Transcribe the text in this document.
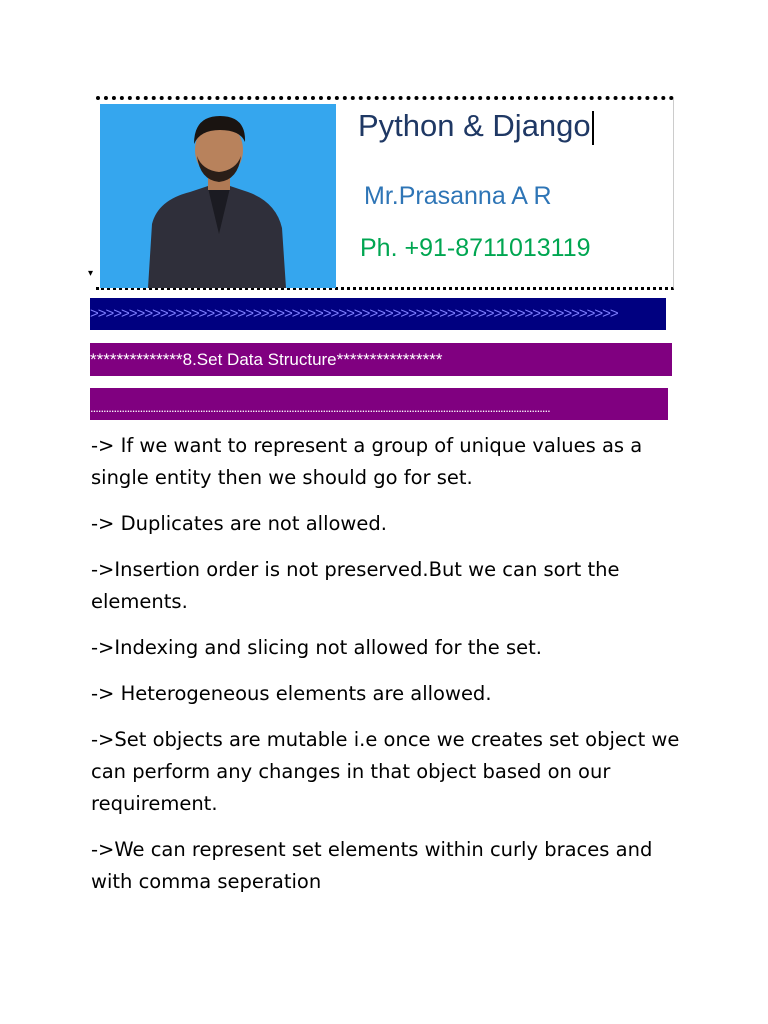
Python & Django
Mr.Prasanna A R
Ph. +91-8711013119
▾
>>>>>>>>>>>>>>>>>>>>>>>>>>>>>>>>>>>>>>>>>>>>>>>>>>>>>>>>>>>>>>>>>>>>
**************8.Set Data Structure****************
................................................................................................................................................................................

-> If we want to represent a group of unique values as a single entity then we should go for set.

-> Duplicates are not allowed.

->Insertion order is not preserved.But we can sort the elements.

->Indexing and slicing not allowed for the set.

-> Heterogeneous elements are allowed.

->Set objects are mutable i.e once we creates set object we can perform any changes in that object based on our requirement.

->We can represent set elements within curly braces and with comma seperation
